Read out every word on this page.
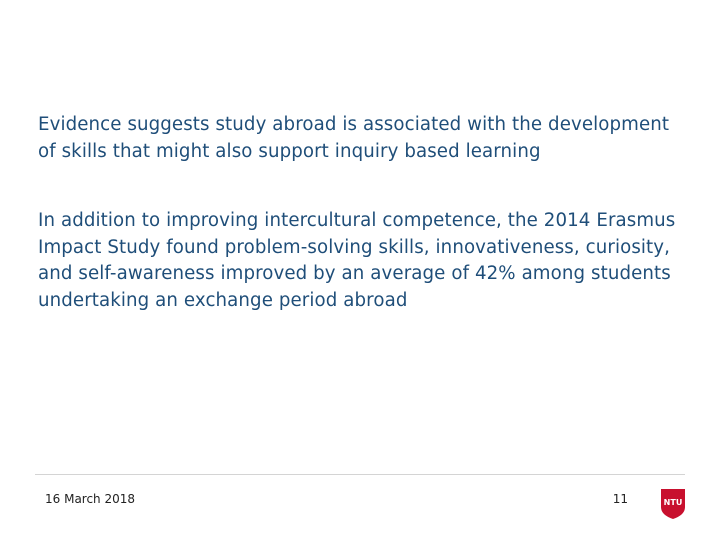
Evidence suggests study abroad is associated with the development of skills that might also support inquiry based learning

In addition to improving intercultural competence, the 2014 Erasmus Impact Study found problem-solving skills, innovativeness, curiosity, and self-awareness improved by an average of 42% among students undertaking an exchange period abroad

16 March 2018	11	NTU
